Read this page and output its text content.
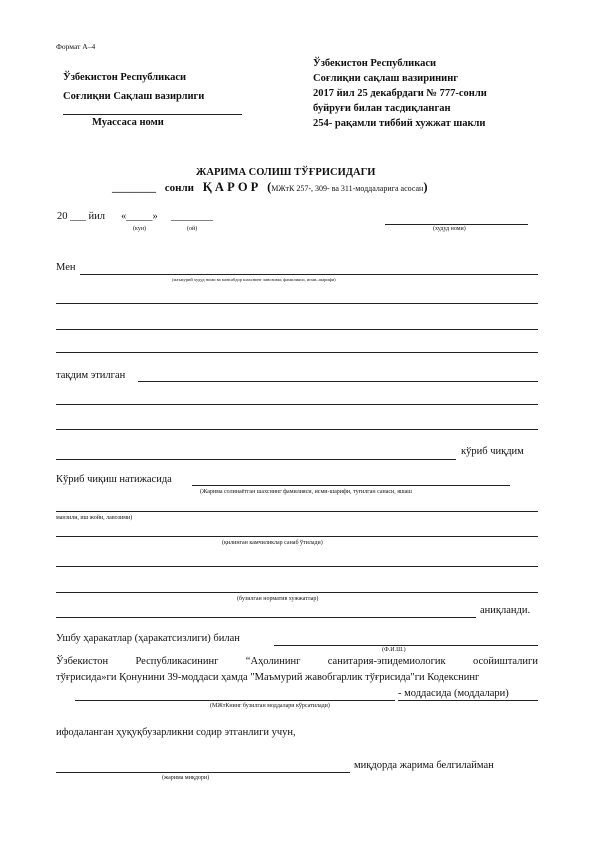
Формат А–4
Ўзбекистон Республикаси
Соғлиқни Сақлаш вазирлиги
Муассаса номи
Ўзбекистон Республикаси
Соғлиқни сақлаш вазирининг
2017 йил 25 декабрдаги № 777-сонли
буйруғи билан тасдиқланган
254- рақамли тиббий хужжат шакли
ЖАРИМА СОЛИШ ТЎҒРИСИДАГИ
________ сонли Қ А Р О Р (МЖтК 257-, 309- ва 311-моддаларига асосан)
20 ___ йил «_____» ________
(кун)	(ой)	(худуд номи)
Мен
(маъмурий худуд номи ва мансабдор шахснинг лавозими, фамилияси, исми–шарифи)
тақдим этилган
кўриб чиқдим
Кўриб чиқиш натижасида
(Жарима солинаётган шахснинг фамилияси, исми-шарифи, туғилган санаси, яшаш
манзили, иш жойи, лавозими)
(қилинган камчиликлар санаб ўтилади)
(бузилган норматив хужжатлар)
аниқланди.
Ушбу ҳаракатлар (ҳаракатсизлиги) билан
(Ф.И.Ш.)
Ўзбекистон	Республикасининг	“Аҳолининг	санитария-эпидемиологик	осойишталиги
тўғрисида»ги Қонунини 39-моддаси ҳамда "Маъмурий жавобгарлик тўғрисида"ги Кодекснинг
- моддасида (моддалари)
(МЖтКнинг бузилган моддалари кўрсатилади)
ифодаланган ҳуқуқбузарликни содир этганлиги учун,
миқдорда жарима белгилайман
(жарима миқдори)
